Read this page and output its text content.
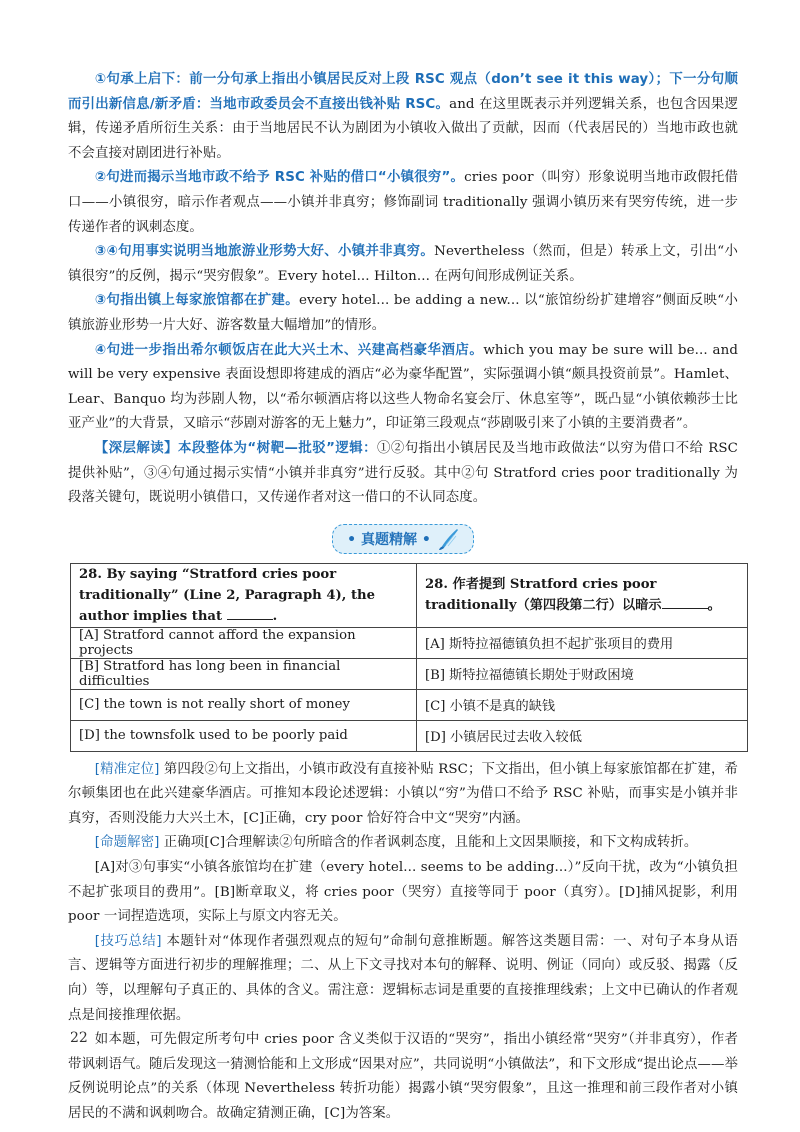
①句承上启下：前一分句承上指出小镇居民反对上段 RSC 观点（don’t see it this way）；下一分句顺而引出新信息/新矛盾：当地市政委员会不直接出钱补贴 RSC。and 在这里既表示并列逻辑关系，也包含因果逻辑，传递矛盾所衍生关系：由于当地居民不认为剧团为小镇收入做出了贡献，因而（代表居民的）当地市政也就不会直接对剧团进行补贴。

②句进而揭示当地市政不给予 RSC 补贴的借口“小镇很穷”。cries poor（叫穷）形象说明当地市政假托借口——小镇很穷，暗示作者观点——小镇并非真穷；修饰副词 traditionally 强调小镇历来有哭穷传统，进一步传递作者的讽刺态度。

③④句用事实说明当地旅游业形势大好、小镇并非真穷。Nevertheless（然而，但是）转承上文，引出“小镇很穷”的反例，揭示“哭穷假象”。Every hotel... Hilton... 在两句间形成例证关系。

③句指出镇上每家旅馆都在扩建。every hotel... be adding a new... 以“旅馆纷纷扩建增容”侧面反映“小镇旅游业形势一片大好、游客数量大幅增加”的情形。

④句进一步指出希尔顿饭店在此大兴土木、兴建高档豪华酒店。which you may be sure will be... and will be very expensive 表面设想即将建成的酒店“必为豪华配置”，实际强调小镇“颇具投资前景”。Hamlet、Lear、Banquo 均为莎剧人物，以“希尔顿酒店将以这些人物命名宴会厅、休息室等”，既凸显“小镇依赖莎士比亚产业”的大背景，又暗示“莎剧对游客的无上魅力”，印证第三段观点“莎剧吸引来了小镇的主要消费者”。

【深层解读】本段整体为“树靶—批驳”逻辑：①②句指出小镇居民及当地市政做法“以穷为借口不给 RSC 提供补贴”，③④句通过揭示实情“小镇并非真穷”进行反驳。其中②句 Stratford cries poor traditionally 为段落关键句，既说明小镇借口，又传递作者对这一借口的不认同态度。

• 真题精解 •
28. By saying “Stratford cries poor traditionally” (Line 2, Paragraph 4), the author implies that .	28. 作者提到 Stratford cries poor traditionally（第四段第二行）以暗示 。
[A] Stratford cannot afford the expansion projects	[A] 斯特拉福德镇负担不起扩张项目的费用
[B] Stratford has long been in financial difficulties	[B] 斯特拉福德镇长期处于财政困境
[C] the town is not really short of money	[C] 小镇不是真的缺钱
[D] the townsfolk used to be poorly paid	[D] 小镇居民过去收入较低

[精准定位] 第四段②句上文指出，小镇市政没有直接补贴 RSC；下文指出，但小镇上每家旅馆都在扩建，希尔顿集团也在此兴建豪华酒店。可推知本段论述逻辑：小镇以“穷”为借口不给予 RSC 补贴，而事实是小镇并非真穷，否则没能力大兴土木，[C]正确，cry poor 恰好符合中文“哭穷”内涵。

[命题解密] 正确项[C]合理解读②句所暗含的作者讽刺态度，且能和上文因果顺接，和下文构成转折。

[A]对③句事实“小镇各旅馆均在扩建（every hotel... seems to be adding...）”反向干扰，改为“小镇负担不起扩张项目的费用”。[B]断章取义，将 cries poor（哭穷）直接等同于 poor（真穷）。[D]捕风捉影，利用 poor 一词捏造选项，实际上与原文内容无关。

[技巧总结] 本题针对“体现作者强烈观点的短句”命制句意推断题。解答这类题目需：一、对句子本身从语言、逻辑等方面进行初步的理解推理；二、从上下文寻找对本句的解释、说明、例证（同向）或反驳、揭露（反向）等，以理解句子真正的、具体的含义。需注意：逻辑标志词是重要的直接推理线索；上文中已确认的作者观点是间接推理依据。

如本题，可先假定所考句中 cries poor 含义类似于汉语的“哭穷”，指出小镇经常“哭穷”（并非真穷），作者带讽刺语气。随后发现这一猜测恰能和上文形成“因果对应”，共同说明“小镇做法”，和下文形成“提出论点——举反例说明论点”的关系（体现 Nevertheless 转折功能）揭露小镇“哭穷假象”，且这一推理和前三段作者对小镇居民的不满和讽刺吻合。故确定猜测正确，[C]为答案。

22
